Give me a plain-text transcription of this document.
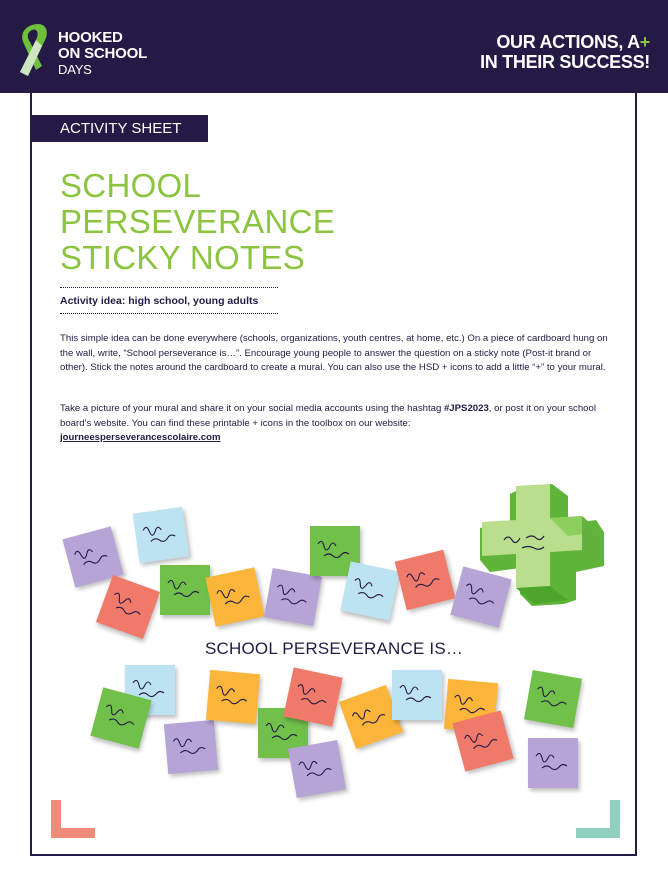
HOOKED
ON SCHOOL
DAYS
OUR ACTIONS, A+
IN THEIR SUCCESS!
ACTIVITY SHEET
SCHOOL
PERSEVERANCE
STICKY NOTES
Activity idea: high school, young adults
This simple idea can be done everywhere (schools, organizations, youth centres, at home, etc.) On a piece of cardboard hung on the wall, write, “School perseverance is…”. Encourage young people to answer the question on a sticky note (Post-it brand or other). Stick the notes around the cardboard to create a mural. You can also use the HSD + icons to add a little “+” to your mural.
Take a picture of your mural and share it on your social media accounts using the hashtag #JPS2023, or post it on your school board’s website. You can find these printable + icons in the toolbox on our website:
journeesperseverancescolaire.com
SCHOOL PERSEVERANCE IS…
